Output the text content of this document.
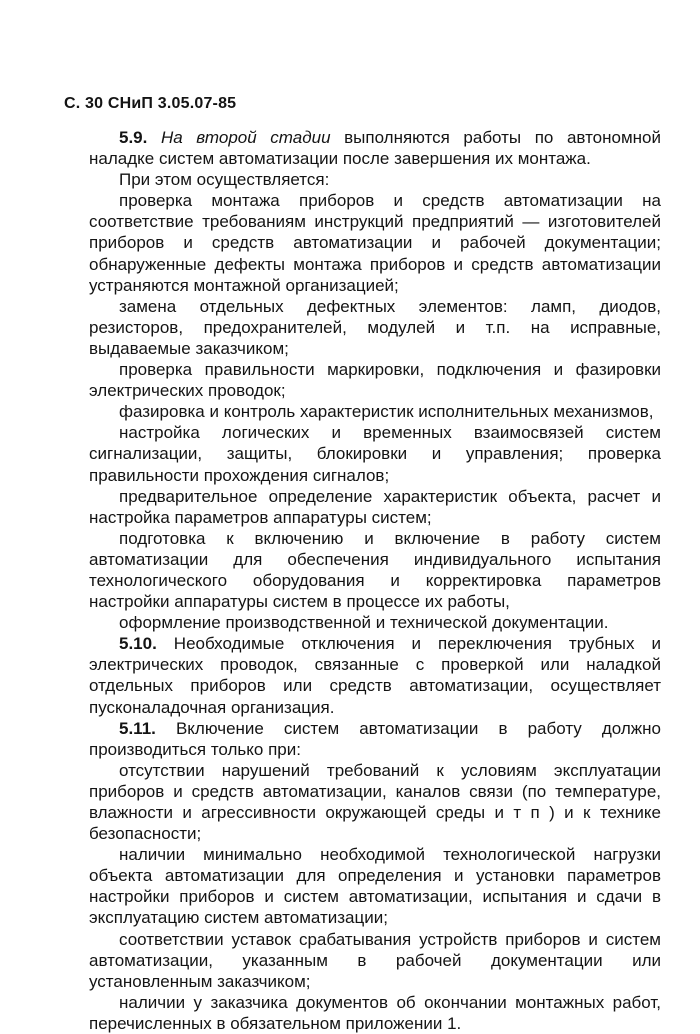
С. 30 СНиП 3.05.07-85

5.9. На второй стадии выполняются работы по автономной наладке систем автоматизации после завершения их монтажа.

При этом осуществляется:

проверка монтажа приборов и средств автоматизации на соответствие требованиям инструкций предприятий — изготовителей приборов и средств автоматизации и рабочей документации; обнаруженные дефекты монтажа приборов и средств автоматизации устраняются монтажной организацией;

замена отдельных дефектных элементов: ламп, диодов, резисторов, предохранителей, модулей и т.п. на исправные, выдаваемые заказчиком;

проверка правильности маркировки, подключения и фазировки электрических проводок;

фазировка и контроль характеристик исполнительных механизмов,

настройка логических и временных взаимосвязей систем сигнализации, защиты, блокировки и управления; проверка правильности прохождения сигналов;

предварительное определение характеристик объекта, расчет и настройка параметров аппаратуры систем;

подготовка к включению и включение в работу систем автоматизации для обеспечения индивидуального испытания технологического оборудования и корректировка параметров настройки аппаратуры систем в процессе их работы,

оформление производственной и технической документации.

5.10. Необходимые отключения и переключения трубных и электрических проводок, связанные с проверкой или наладкой отдельных приборов или средств автоматизации, осуществляет пусконаладочная организация.

5.11. Включение систем автоматизации в работу должно производиться только при:

отсутствии нарушений требований к условиям эксплуатации приборов и средств автоматизации, каналов связи (по температуре, влажности и агрессивности окружающей среды и т п ) и к технике безопасности;

наличии минимально необходимой технологической нагрузки объекта автоматизации для определения и установки параметров настройки приборов и систем автоматизации, испытания и сдачи в эксплуатацию систем автоматизации;

соответствии уставок срабатывания устройств приборов и систем автоматизации, указанным в рабочей документации или установленным заказчиком;

наличии у заказчика документов об окончании монтажных работ, перечисленных в обязательном приложении 1.
